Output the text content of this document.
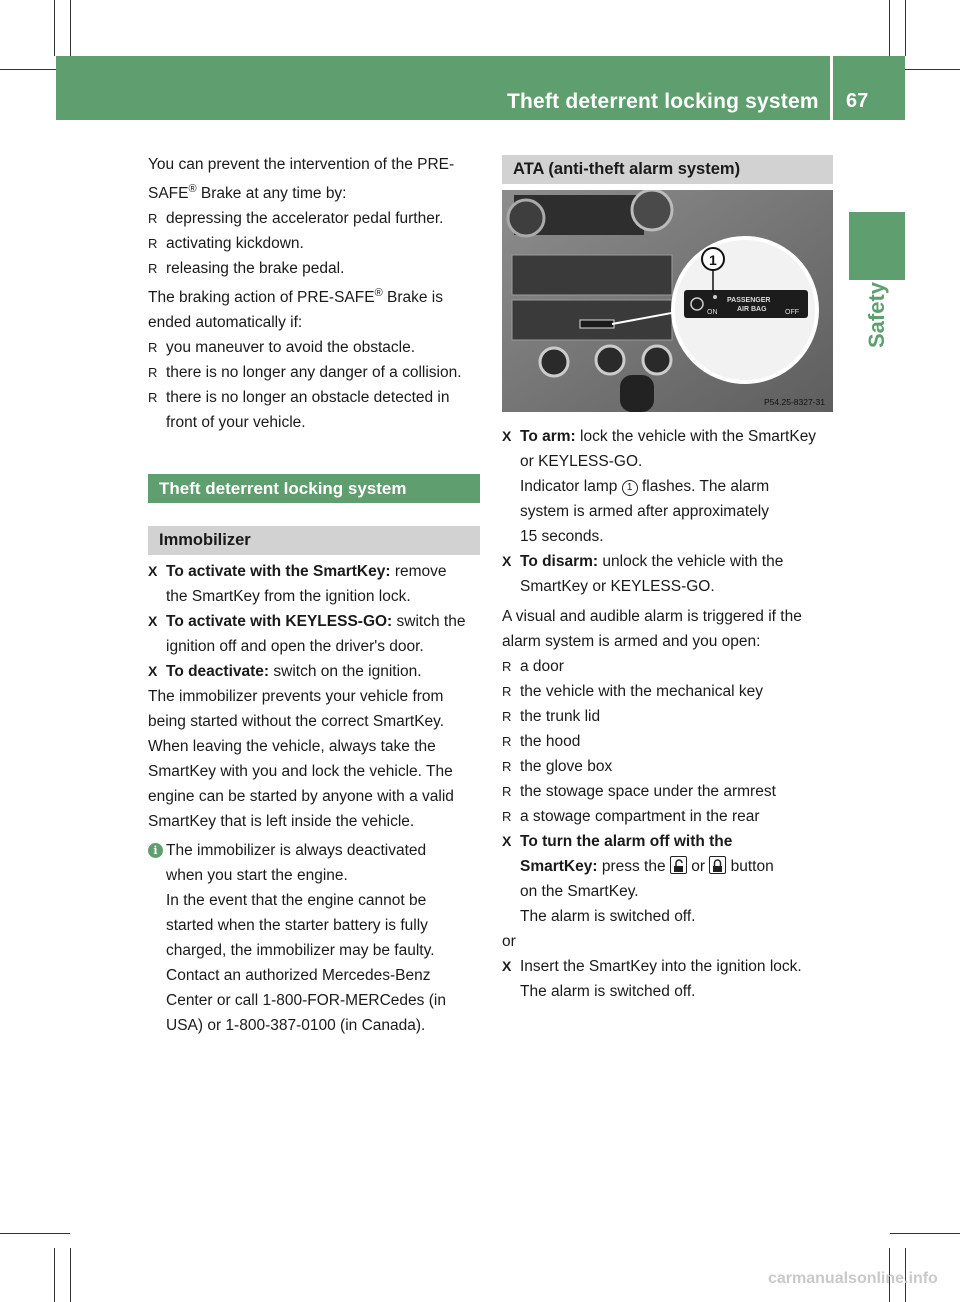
Theft deterrent locking system 67
Safety

You can prevent the intervention of the PRE-

SAFE® Brake at any time by:

R depressing the accelerator pedal further.

R activating kickdown.

R releasing the brake pedal.

The braking action of PRE-SAFE® Brake is

ended automatically if:

R you maneuver to avoid the obstacle.

R there is no longer any danger of a collision.

R there is no longer an obstacle detected in

front of your vehicle.

Theft deterrent locking system
Immobilizer

X To activate with the SmartKey: remove

the SmartKey from the ignition lock.

X To activate with KEYLESS-GO: switch the

ignition off and open the driver's door.

X To deactivate: switch on the ignition.

The immobilizer prevents your vehicle from

being started without the correct SmartKey.

When leaving the vehicle, always take the

SmartKey with you and lock the vehicle. The

engine can be started by anyone with a valid

SmartKey that is left inside the vehicle.

i The immobilizer is always deactivated

when you start the engine.

In the event that the engine cannot be

started when the starter battery is fully

charged, the immobilizer may be faulty.

Contact an authorized Mercedes-Benz

Center or call 1-800-FOR-MERCedes (in

USA) or 1-800-387-0100 (in Canada).

ATA (anti-theft alarm system)
ON
PASSENGER
AIR BAG	OFF
1
P54.25-8327-31

X To arm: lock the vehicle with the SmartKey

or KEYLESS-GO.

Indicator lamp 1 flashes. The alarm

system is armed after approximately

15 seconds.

X To disarm: unlock the vehicle with the

SmartKey or KEYLESS-GO.

A visual and audible alarm is triggered if the

alarm system is armed and you open:

R a door

R the vehicle with the mechanical key

R the trunk lid

R the hood

R the glove box

R the stowage space under the armrest

R a stowage compartment in the rear

X To turn the alarm off with the

SmartKey: press the  or  button

on the SmartKey.

The alarm is switched off.

or

X Insert the SmartKey into the ignition lock.

The alarm is switched off.

carmanualsonline.info
